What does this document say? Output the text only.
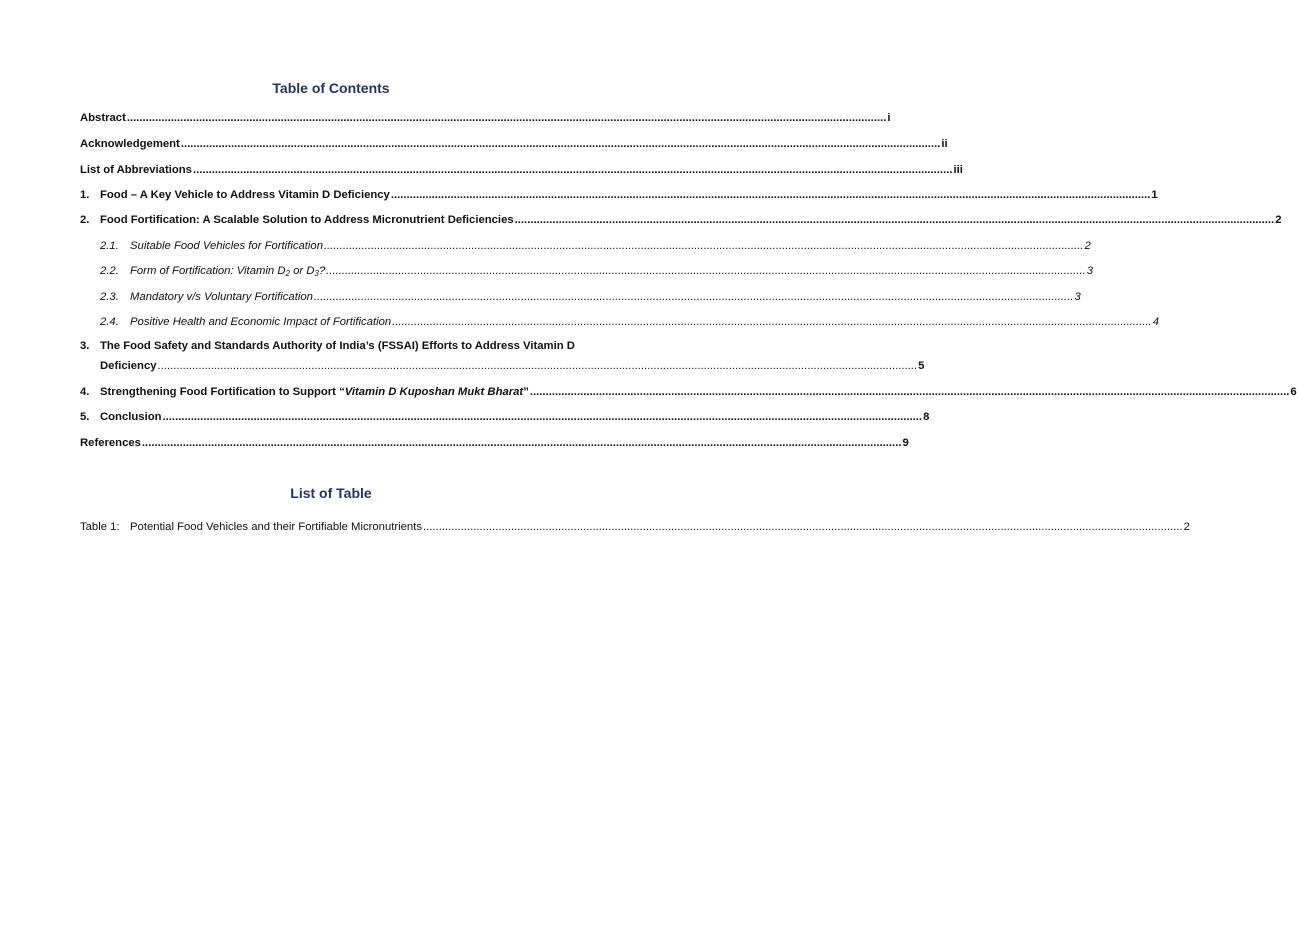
Table of Contents
Abstract .....	i
Acknowledgement .....	ii
List of Abbreviations .....	iii
1. Food – A Key Vehicle to Address Vitamin D Deficiency .....	1
2. Food Fortification: A Scalable Solution to Address Micronutrient Deficiencies .....	2
2.1. Suitable Food Vehicles for Fortification .....	2
2.2. Form of Fortification: Vitamin $D_2$ or $D_3$? .....	3
2.3. Mandatory v/s Voluntary Fortification .....	3
2.4. Positive Health and Economic Impact of Fortification .....	4
3. The Food Safety and Standards Authority of India’s (FSSAI) Efforts to Address Vitamin D
Deficiency .....	5
4. Strengthening Food Fortification to Support “Vitamin D Kuposhan Mukt Bharat” .....	6
5. Conclusion .....	8
References .....	9
List of Table
Table 1: Potential Food Vehicles and their Fortifiable Micronutrients .....	2
